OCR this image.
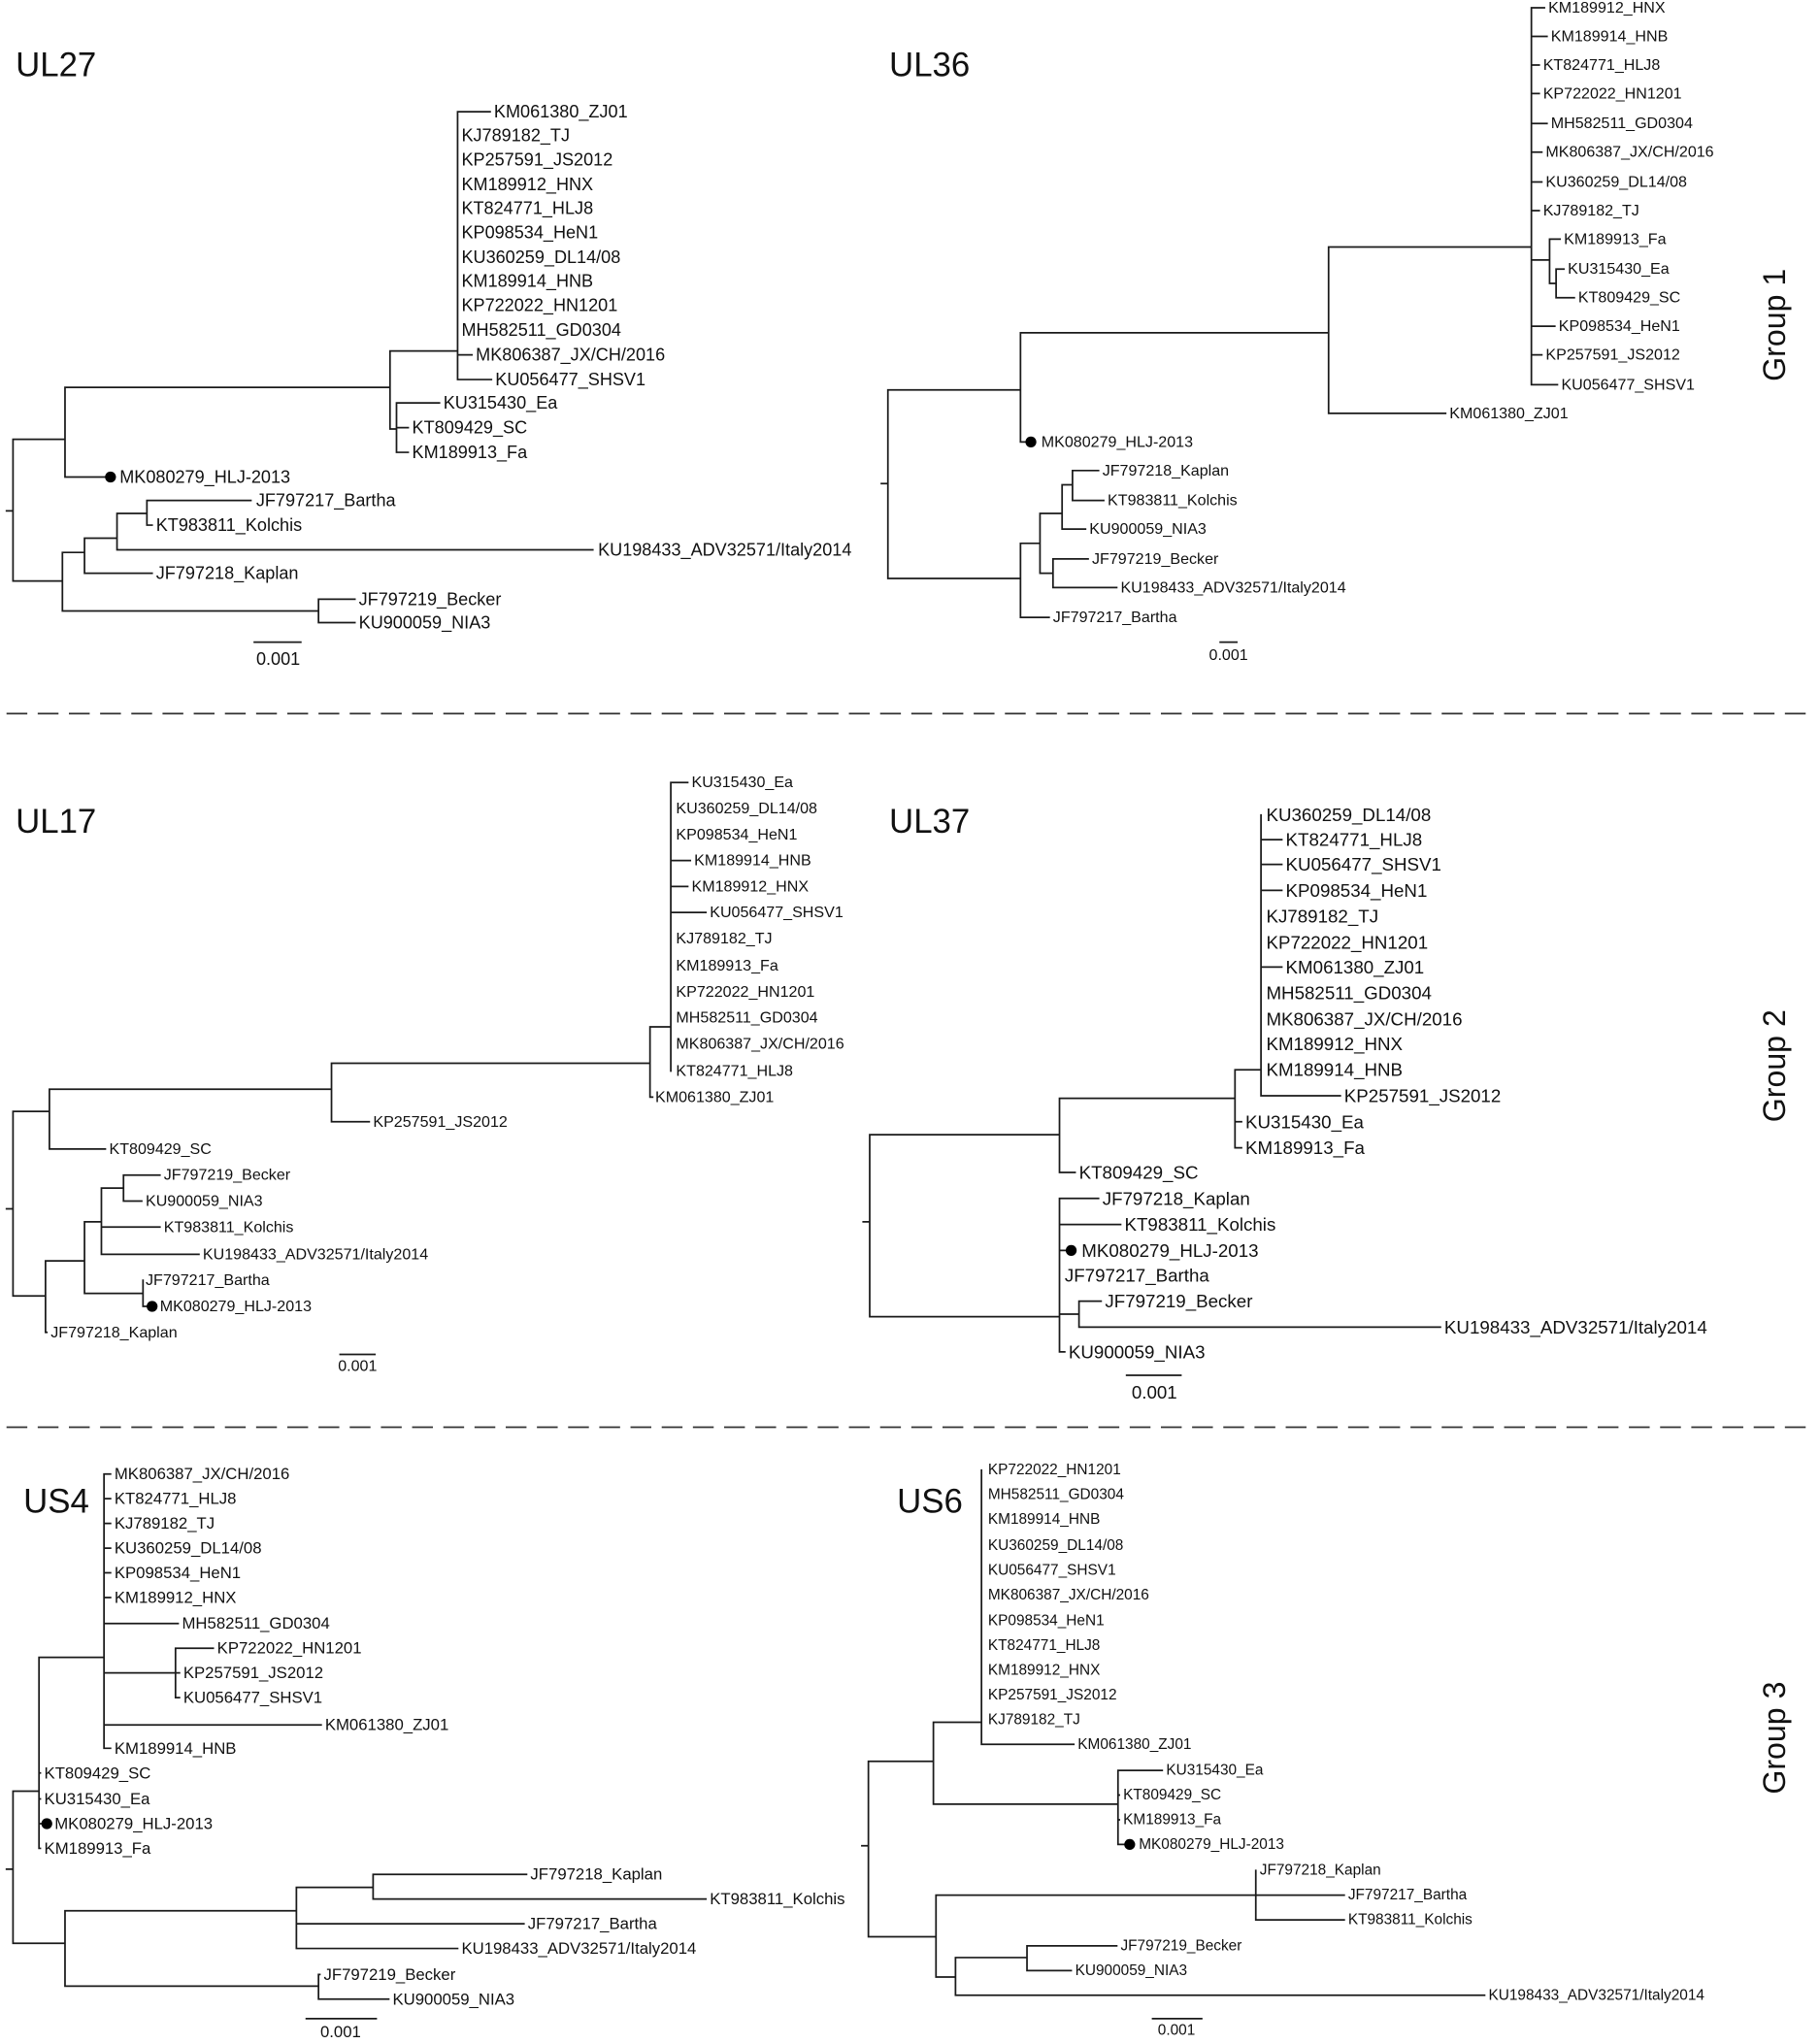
UL27
KM061380_ZJ01
KJ789182_TJ
KP257591_JS2012
KM189912_HNX
KT824771_HLJ8
KP098534_HeN1
KU360259_DL14/08
KM189914_HNB
KP722022_HN1201
MH582511_GD0304
MK806387_JX/CH/2016
KU056477_SHSV1
KU315430_Ea
KT809429_SC
KM189913_Fa
MK080279_HLJ-2013
JF797217_Bartha
KT983811_Kolchis
KU198433_ADV32571/Italy2014
JF797218_Kaplan
JF797219_Becker
KU900059_NIA3
0.001
UL36
KM189912_HNX
KM189914_HNB
KT824771_HLJ8
KP722022_HN1201
MH582511_GD0304
MK806387_JX/CH/2016
KU360259_DL14/08
KJ789182_TJ
KM189913_Fa
KU315430_Ea
KT809429_SC
KP098534_HeN1
KP257591_JS2012
KU056477_SHSV1
KM061380_ZJ01
MK080279_HLJ-2013
JF797218_Kaplan
KT983811_Kolchis
KU900059_NIA3
JF797219_Becker
KU198433_ADV32571/Italy2014
JF797217_Bartha
0.001
UL17
KU315430_Ea
KU360259_DL14/08
KP098534_HeN1
KM189914_HNB
KM189912_HNX
KU056477_SHSV1
KJ789182_TJ
KM189913_Fa
KP722022_HN1201
MH582511_GD0304
MK806387_JX/CH/2016
KT824771_HLJ8
KM061380_ZJ01
KP257591_JS2012
KT809429_SC
JF797219_Becker
KU900059_NIA3
KT983811_Kolchis
KU198433_ADV32571/Italy2014
JF797217_Bartha
MK080279_HLJ-2013
JF797218_Kaplan
0.001
UL37	KU360259_DL14/08
KT824771_HLJ8
KU056477_SHSV1
KP098534_HeN1
KJ789182_TJ
KP722022_HN1201
KM061380_ZJ01
MH582511_GD0304
MK806387_JX/CH/2016
KM189912_HNX
KM189914_HNB
KP257591_JS2012
KU315430_Ea
KM189913_Fa
KT809429_SC
JF797218_Kaplan
KT983811_Kolchis
MK080279_HLJ-2013
JF797217_Bartha
JF797219_Becker
KU198433_ADV32571/Italy2014
KU900059_NIA3
0.001
US4
MK806387_JX/CH/2016
KT824771_HLJ8
KJ789182_TJ
KU360259_DL14/08
KP098534_HeN1
KM189912_HNX
MH582511_GD0304
KP722022_HN1201
KP257591_JS2012
KU056477_SHSV1
KM061380_ZJ01
KM189914_HNB
KT809429_SC
KU315430_Ea
MK080279_HLJ-2013
KM189913_Fa
JF797218_Kaplan
KT983811_Kolchis
JF797217_Bartha
KU198433_ADV32571/Italy2014
JF797219_Becker
KU900059_NIA3
0.001
US6
KP722022_HN1201
MH582511_GD0304
KM189914_HNB
KU360259_DL14/08
KU056477_SHSV1
MK806387_JX/CH/2016
KP098534_HeN1
KT824771_HLJ8
KM189912_HNX
KP257591_JS2012
KJ789182_TJ
KM061380_ZJ01
KU315430_Ea
KT809429_SC
KM189913_Fa
MK080279_HLJ-2013
JF797218_Kaplan
JF797217_Bartha
KT983811_Kolchis
JF797219_Becker
KU900059_NIA3
KU198433_ADV32571/Italy2014
0.001
Group 1
Group 2
Group 3
